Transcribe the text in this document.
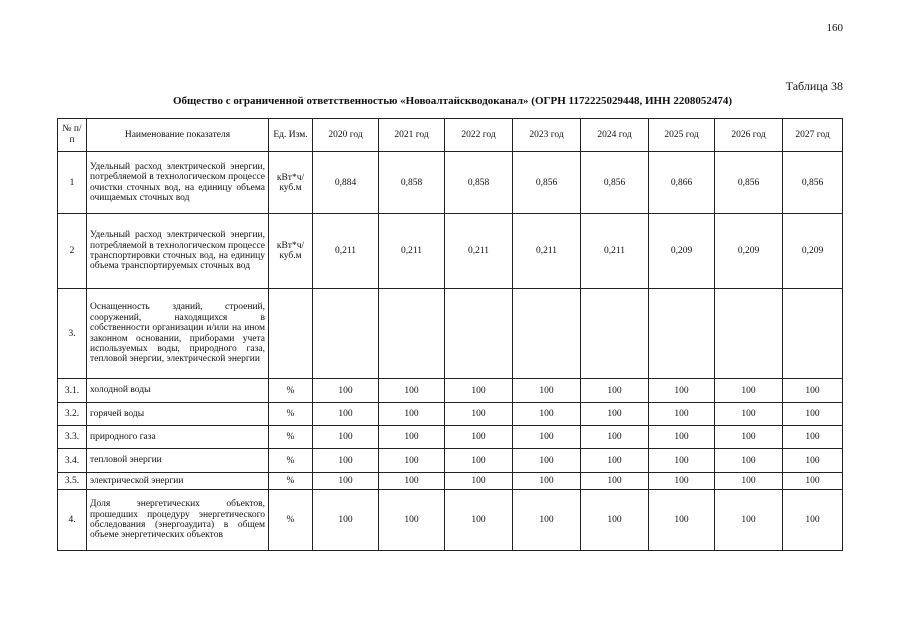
160
Таблица 38
Общество с ограниченной ответственностью «Новоалтайскводоканал» (ОГРН 1172225029448, ИНН 2208052474)
№ п/п	Наименование показателя	Ед. Изм.	2020 год	2021 год	2022 год	2023 год	2024 год	2025 год	2026 год	2027 год
1	Удельный расход электрической энергии, потребляемой в технологическом процессе очистки сточных вод, на единицу объема очищаемых сточных вод	кВт*ч/ куб.м	0,884	0,858	0,858	0,856	0,856	0,866	0,856	0,856
2	Удельный расход электрической энергии, потребляемой в технологическом процессе транспортировки сточных вод, на единицу объема транспортируемых сточных вод	кВт*ч/ куб.м	0,211	0,211	0,211	0,211	0,211	0,209	0,209	0,209
3.	Оснащенность зданий, строений, сооружений, находящихся в собственности организации и/или на ином законном основании, приборами учета используемых воды, природного газа, тепловой энергии, электрической энергии									
3.1.	холодной воды	%	100	100	100	100	100	100	100	100
3.2.	горячей воды	%	100	100	100	100	100	100	100	100
3.3.	природного газа	%	100	100	100	100	100	100	100	100
3.4.	тепловой энергии	%	100	100	100	100	100	100	100	100
3.5.	электрической энергии	%	100	100	100	100	100	100	100	100
4.	Доля энергетических объектов, прошедших процедуру энергетического обследования (энергоаудита) в общем объеме энергетических объектов	%	100	100	100	100	100	100	100	100
